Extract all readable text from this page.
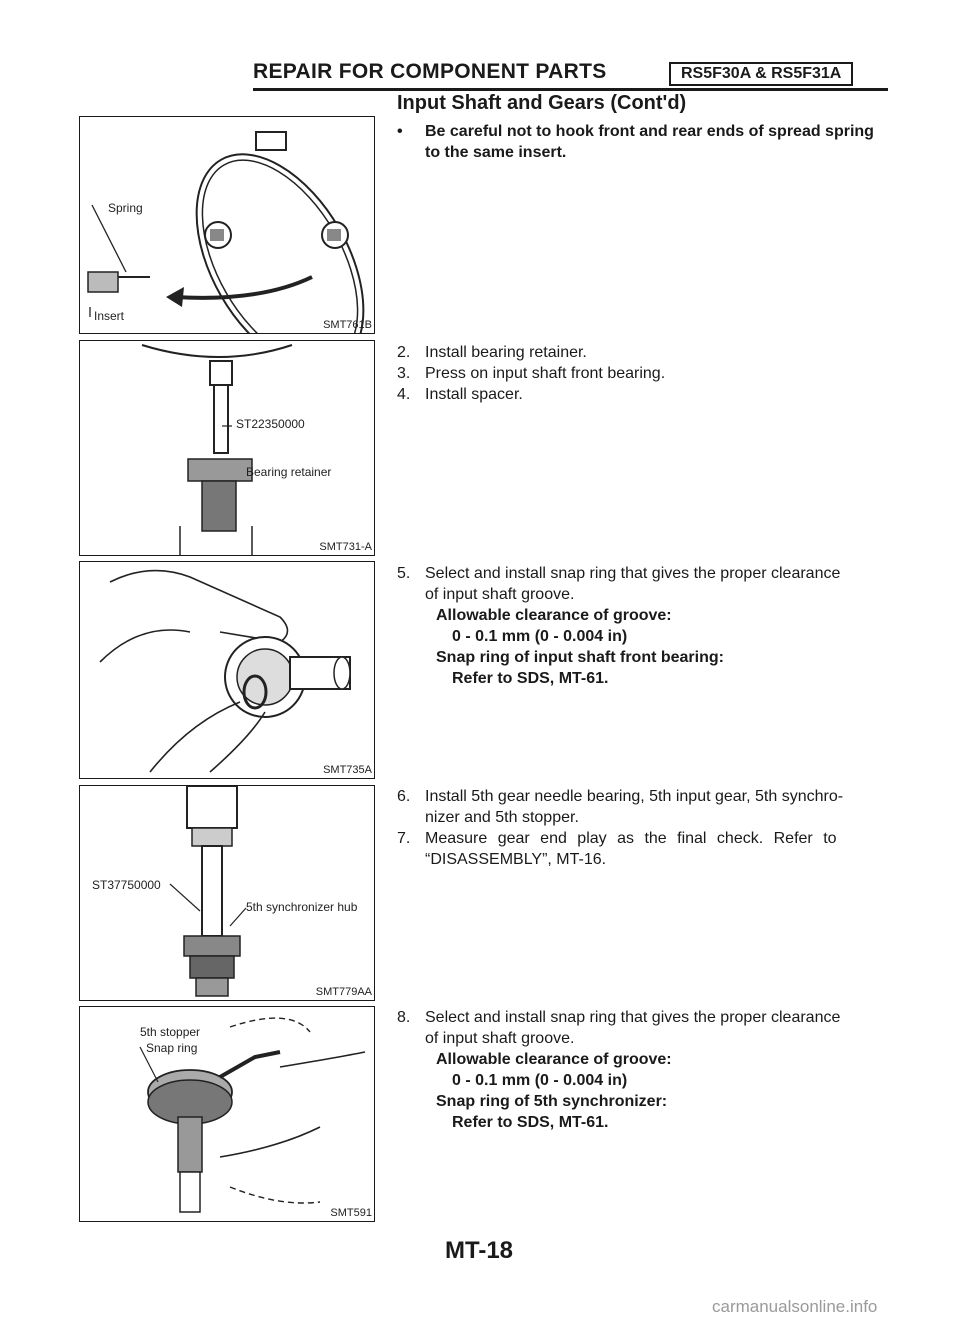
REPAIR FOR COMPONENT PARTS	RS5F30A & RS5F31A
Input Shaft and Gears (Cont'd)
Spring
Insert
SMT761B
ST22350000
Bearing retainer
SMT731-A
SMT735A
ST37750000
5th synchronizer hub
SMT779AA
5th stopper
Snap ring
SMT591
• Be careful not to hook front and rear ends of spread spring
to the same insert.
2. Install bearing retainer.
3. Press on input shaft front bearing.
4. Install spacer.
5. Select and install snap ring that gives the proper clearance
of input shaft groove.
Allowable clearance of groove:
0 - 0.1 mm (0 - 0.004 in)
Snap ring of input shaft front bearing:
Refer to SDS, MT-61.
6. Install 5th gear needle bearing, 5th input gear, 5th synchro-
nizer and 5th stopper.
7. Measure gear end play as the final check. Refer to
“DISASSEMBLY”, MT-16.
8. Select and install snap ring that gives the proper clearance
of input shaft groove.
Allowable clearance of groove:
0 - 0.1 mm (0 - 0.004 in)
Snap ring of 5th synchronizer:
Refer to SDS, MT-61.
MT-18
carmanualsonline.info
